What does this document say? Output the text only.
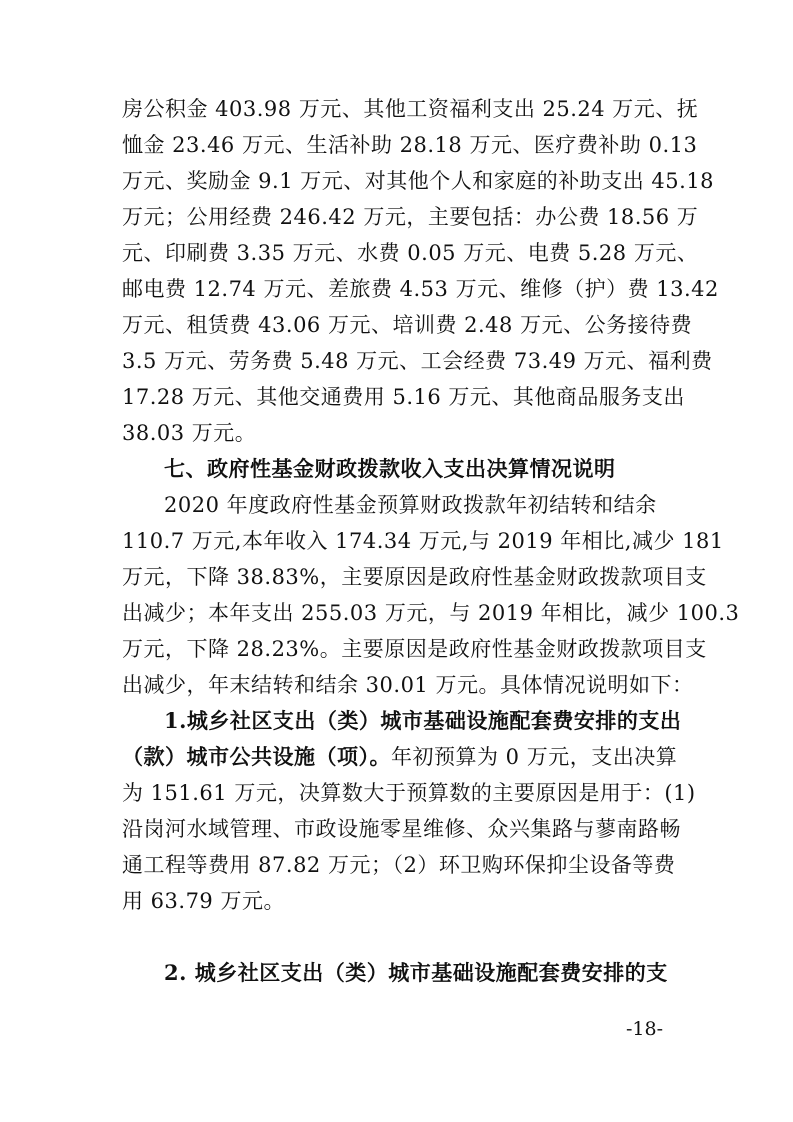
房公积金 403.98 万元、其他工资福利支出 25.24 万元、抚
恤金 23.46 万元、生活补助 28.18 万元、医疗费补助 0.13
万元、奖励金 9.1 万元、对其他个人和家庭的补助支出 45.18
万元；公用经费 246.42 万元，主要包括：办公费 18.56 万
元、印刷费 3.35 万元、水费 0.05 万元、电费 5.28 万元、
邮电费 12.74 万元、差旅费 4.53 万元、维修（护）费 13.42
万元、租赁费 43.06 万元、培训费 2.48 万元、公务接待费
3.5 万元、劳务费 5.48 万元、工会经费 73.49 万元、福利费
17.28 万元、其他交通费用 5.16 万元、其他商品服务支出
38.03 万元。
七、政府性基金财政拨款收入支出决算情况说明
2020 年度政府性基金预算财政拨款年初结转和结余
110.7 万元,本年收入 174.34 万元,与 2019 年相比,减少 181
万元，下降 38.83%，主要原因是政府性基金财政拨款项目支
出减少；本年支出 255.03 万元，与 2019 年相比，减少 100.3
万元，下降 28.23%。主要原因是政府性基金财政拨款项目支
出减少，年末结转和结余 30.01 万元。具体情况说明如下：
1.城乡社区支出（类）城市基础设施配套费安排的支出
（款）城市公共设施（项）。年初预算为 0 万元，支出决算
为 151.61 万元，决算数大于预算数的主要原因是用于：(1)
沿岗河水域管理、市政设施零星维修、众兴集路与蓼南路畅
通工程等费用 87.82 万元；（2）环卫购环保抑尘设备等费
用 63.79 万元。
2. 城乡社区支出（类）城市基础设施配套费安排的支
-18-
